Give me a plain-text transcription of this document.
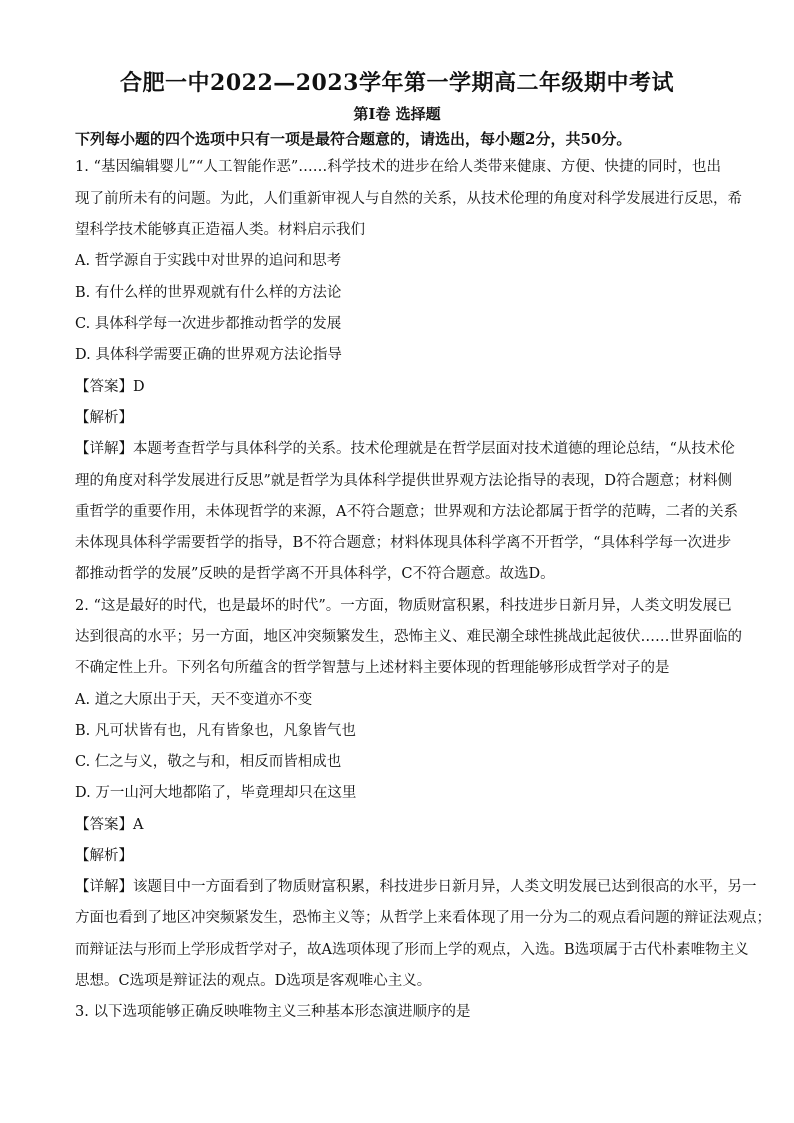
合肥一中2022—2023学年第一学期高二年级期中考试
第Ⅰ卷 选择题
下列每小题的四个选项中只有一项是最符合题意的，请选出，每小题2分，共50分。
1. “基因编辑婴儿”“人工智能作恶”……科学技术的进步在给人类带来健康、方便、快捷的同时，也出
现了前所未有的问题。为此，人们重新审视人与自然的关系，从技术伦理的角度对科学发展进行反思，希
望科学技术能够真正造福人类。材料启示我们
A. 哲学源自于实践中对世界的追问和思考
B. 有什么样的世界观就有什么样的方法论
C. 具体科学每一次进步都推动哲学的发展
D. 具体科学需要正确的世界观方法论指导
【答案】D
【解析】
【详解】本题考查哲学与具体科学的关系。技术伦理就是在哲学层面对技术道德的理论总结，“从技术伦
理的角度对科学发展进行反思”就是哲学为具体科学提供世界观方法论指导的表现，D符合题意；材料侧
重哲学的重要作用，未体现哲学的来源，A不符合题意；世界观和方法论都属于哲学的范畴，二者的关系
未体现具体科学需要哲学的指导，B不符合题意；材料体现具体科学离不开哲学，“具体科学每一次进步
都推动哲学的发展”反映的是哲学离不开具体科学，C不符合题意。故选D。
2. “这是最好的时代，也是最坏的时代”。一方面，物质财富积累，科技进步日新月异，人类文明发展已
达到很高的水平；另一方面，地区冲突频繁发生，恐怖主义、难民潮全球性挑战此起彼伏……世界面临的
不确定性上升。下列名句所蕴含的哲学智慧与上述材料主要体现的哲理能够形成哲学对子的是
A. 道之大原出于天，天不变道亦不变
B. 凡可状皆有也，凡有皆象也，凡象皆气也
C. 仁之与义，敬之与和，相反而皆相成也
D. 万一山河大地都陷了，毕竟理却只在这里
【答案】A
【解析】
【详解】该题目中一方面看到了物质财富积累，科技进步日新月异，人类文明发展已达到很高的水平，另一
方面也看到了地区冲突频紧发生，恐怖主义等；从哲学上来看体现了用一分为二的观点看问题的辩证法观点；
而辩证法与形而上学形成哲学对子，故A选项体现了形而上学的观点，入选。B选项属于古代朴素唯物主义
思想。C选项是辩证法的观点。D选项是客观唯心主义。
3. 以下选项能够正确反映唯物主义三种基本形态演进顺序的是
